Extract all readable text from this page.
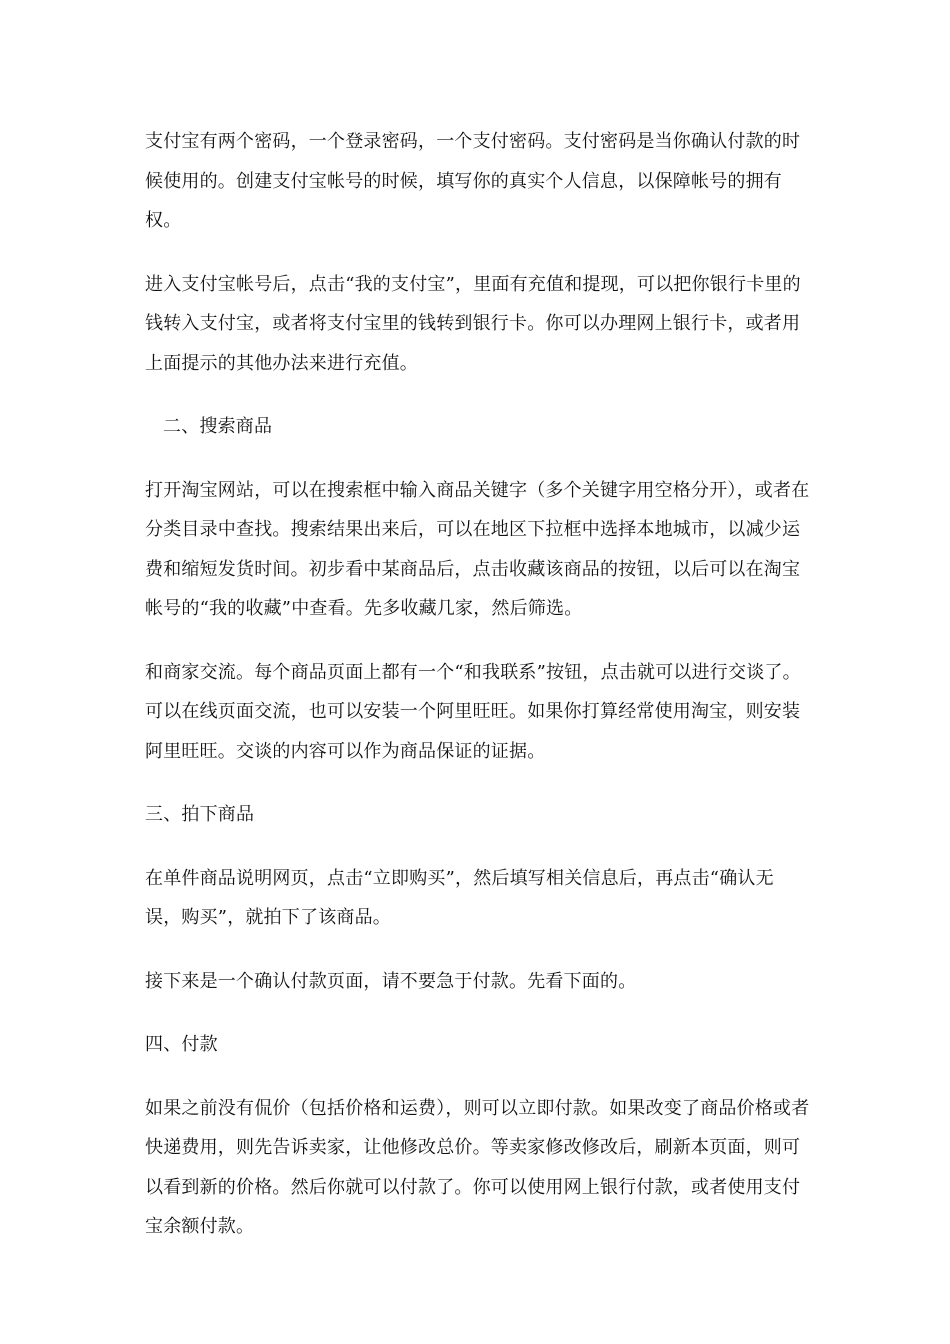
支付宝有两个密码，一个登录密码，一个支付密码。支付密码是当你确认付款的时候使用的。创建支付宝帐号的时候，填写你的真实个人信息，以保障帐号的拥有权。

进入支付宝帐号后，点击“我的支付宝”，里面有充值和提现，可以把你银行卡里的钱转入支付宝，或者将支付宝里的钱转到银行卡。你可以办理网上银行卡，或者用上面提示的其他办法来进行充值。

二、搜索商品

打开淘宝网站，可以在搜索框中输入商品关键字（多个关键字用空格分开），或者在分类目录中查找。搜索结果出来后，可以在地区下拉框中选择本地城市，以减少运费和缩短发货时间。初步看中某商品后，点击收藏该商品的按钮，以后可以在淘宝帐号的“我的收藏”中查看。先多收藏几家，然后筛选。

和商家交流。每个商品页面上都有一个“和我联系”按钮，点击就可以进行交谈了。可以在线页面交流，也可以安装一个阿里旺旺。如果你打算经常使用淘宝，则安装阿里旺旺。交谈的内容可以作为商品保证的证据。

三、拍下商品

在单件商品说明网页，点击“立即购买”，然后填写相关信息后，再点击“确认无误，购买”，就拍下了该商品。

接下来是一个确认付款页面，请不要急于付款。先看下面的。

四、付款

如果之前没有侃价（包括价格和运费），则可以立即付款。如果改变了商品价格或者快递费用，则先告诉卖家，让他修改总价。等卖家修改修改后，刷新本页面，则可以看到新的价格。然后你就可以付款了。你可以使用网上银行付款，或者使用支付宝余额付款。
